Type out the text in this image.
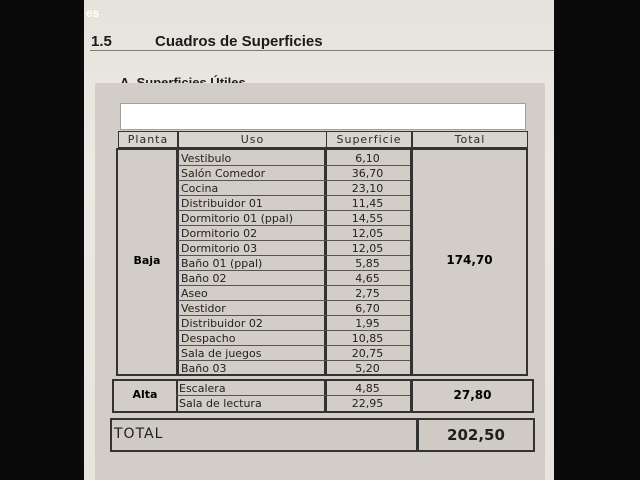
es
1.5	Cuadros de Superficies
Planta	Uso	Superficie	Total
Baja	174,70
Vestibulo	6,10
Salón Comedor	36,70
Cocina	23,10
Distribuidor 01	11,45
Dormitorio 01 (ppal)	14,55
Dormitorio 02	12,05
Dormitorio 03	12,05
Baño 01 (ppal)	5,85
Baño 02	4,65
Aseo	2,75
Vestidor	6,70
Distribuidor 02	1,95
Despacho	10,85
Sala de juegos	20,75
Baño 03	5,20
Alta	27,80
Escalera	4,85
Sala de lectura	22,95
TOTAL	202,50
